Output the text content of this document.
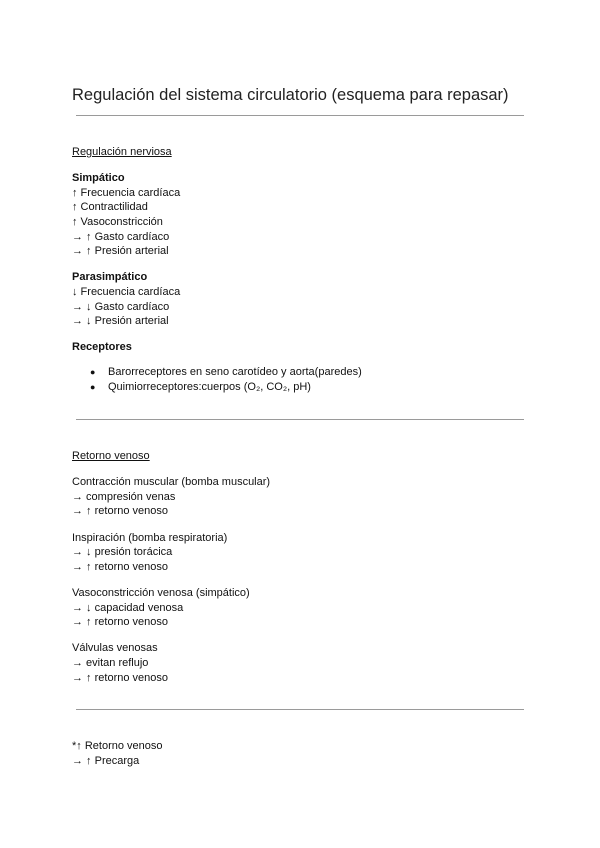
Regulación del sistema circulatorio (esquema para repasar)
Regulación nerviosa
Simpático
↑ Frecuencia cardíaca
↑ Contractilidad
↑ Vasoconstricción
→ ↑ Gasto cardíaco
→ ↑ Presión arterial
Parasimpático
↓ Frecuencia cardíaca
→ ↓ Gasto cardíaco
→ ↓ Presión arterial
Receptores
● Barorreceptores en seno carotídeo y aorta(paredes)
● Quimiorreceptores:cuerpos (O₂, CO₂, pH)
Retorno venoso
Contracción muscular (bomba muscular)
→ compresión venas
→ ↑ retorno venoso
Inspiración (bomba respiratoria)
→ ↓ presión torácica
→ ↑ retorno venoso
Vasoconstricción venosa (simpático)
→ ↓ capacidad venosa
→ ↑ retorno venoso
Válvulas venosas
→ evitan reflujo
→ ↑ retorno venoso
*↑ Retorno venoso
→ ↑ Precarga
